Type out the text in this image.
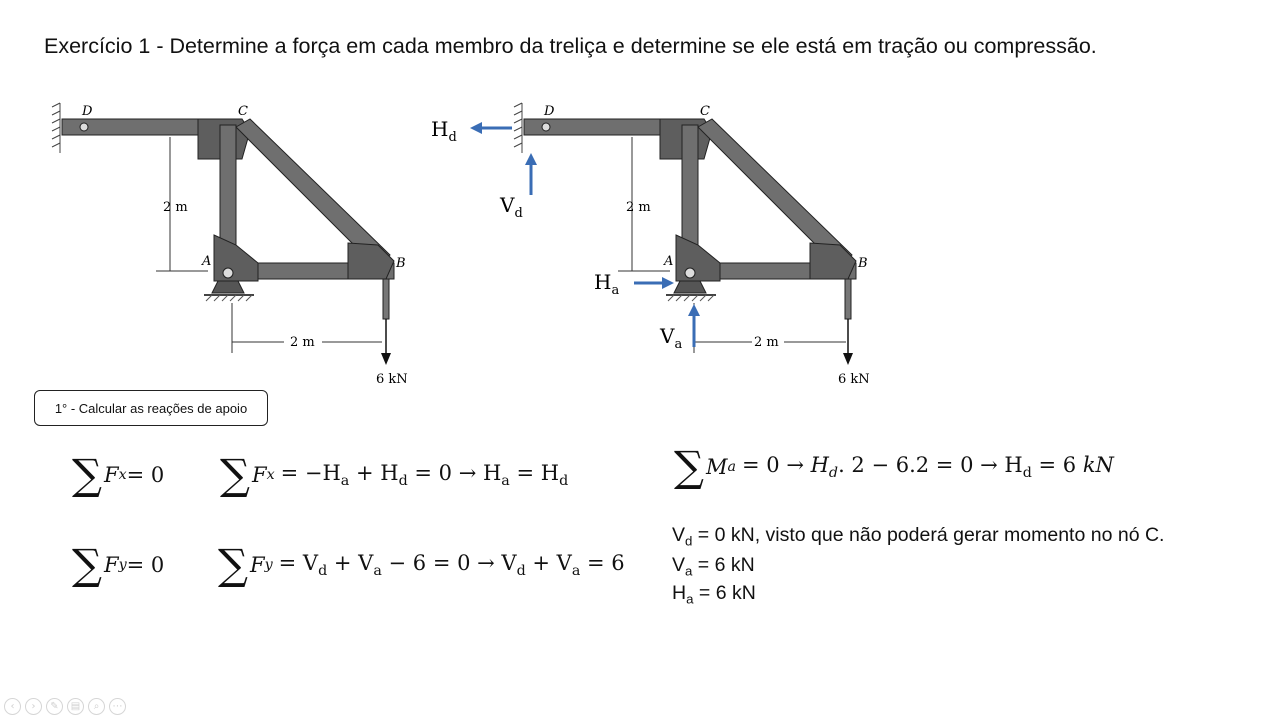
Exercício 1 - Determine a força em cada membro da treliça e determine se ele está em tração ou compressão.
D	C
A	B
2 m
2 m
6 kN
D	C
A	B
2 m
2 m
6 kN
$H_d$
$V_d$
$H_a$
$V_a$
1° - Calcular as reações de apoio
∑ F x = 0 ∑ F $x = -H_a + H_d = 0 \to H_a = H_d$
∑ F y = 0 ∑ F $y = V_d + V_a - 6 = 0 \to V_d + V_a = 6$
∑ M $a = 0 \to H_d$. $2 - 6.2 = 0 \to H_d = 6$ kN
$V_d = 0$ kN, visto que não poderá gerar momento no nó C.
$V_a = 6$ kN
$H_a = 6$ kN
‹	›	✎	▤	⌕	⋯
